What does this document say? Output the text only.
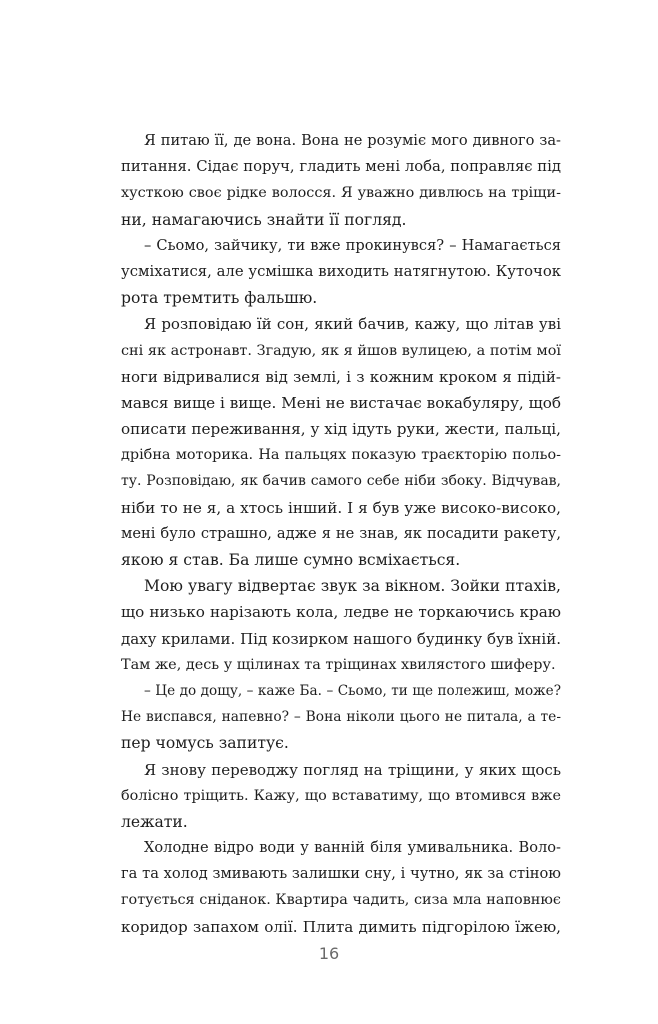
Я питаю її, де вона. Вона не розуміє мого дивного за-
питання. Сідає поруч, гладить мені лоба, поправляє під
хусткою своє рідке волосся. Я уважно дивлюсь на тріщи-
ни, намагаючись знайти її погляд.
– Сьомо, зайчику, ти вже прокинувся? – Намагається
усміхатися, але усмішка виходить натягнутою. Куточок
рота тремтить фальшю.
Я розповідаю їй сон, який бачив, кажу, що літав уві
сні як астронавт. Згадую, як я йшов вулицею, а потім мої
ноги відривалися від землі, і з кожним кроком я підій-
мався вище і вище. Мені не вистачає вокабуляру, щоб
описати переживання, у хід ідуть руки, жести, пальці,
дрібна моторика. На пальцях показую траєкторію польо-
ту. Розповідаю, як бачив самого себе ніби збоку. Відчував,
ніби то не я, а хтось інший. І я був уже високо-високо,
мені було страшно, адже я не знав, як посадити ракету,
якою я став. Ба лише сумно всміхається.
Мою увагу відвертає звук за вікном. Зойки птахів,
що низько нарізають кола, ледве не торкаючись краю
даху крилами. Під козирком нашого будинку був їхній.
Там же, десь у щілинах та тріщинах хвилястого шиферу.
– Це до дощу, – каже Ба. – Сьомо, ти ще полежиш, може?
Не виспався, напевно? – Вона ніколи цього не питала, а те-
пер чомусь запитує.
Я знову переводжу погляд на тріщини, у яких щось
болісно тріщить. Кажу, що вставатиму, що втомився вже
лежати.
Холодне відро води у ванній біля умивальника. Воло-
га та холод змивають залишки сну, і чутно, як за стіною
готується сніданок. Квартира чадить, сиза мла наповнює
коридор запахом олії. Плита димить підгорілою їжею,
16
